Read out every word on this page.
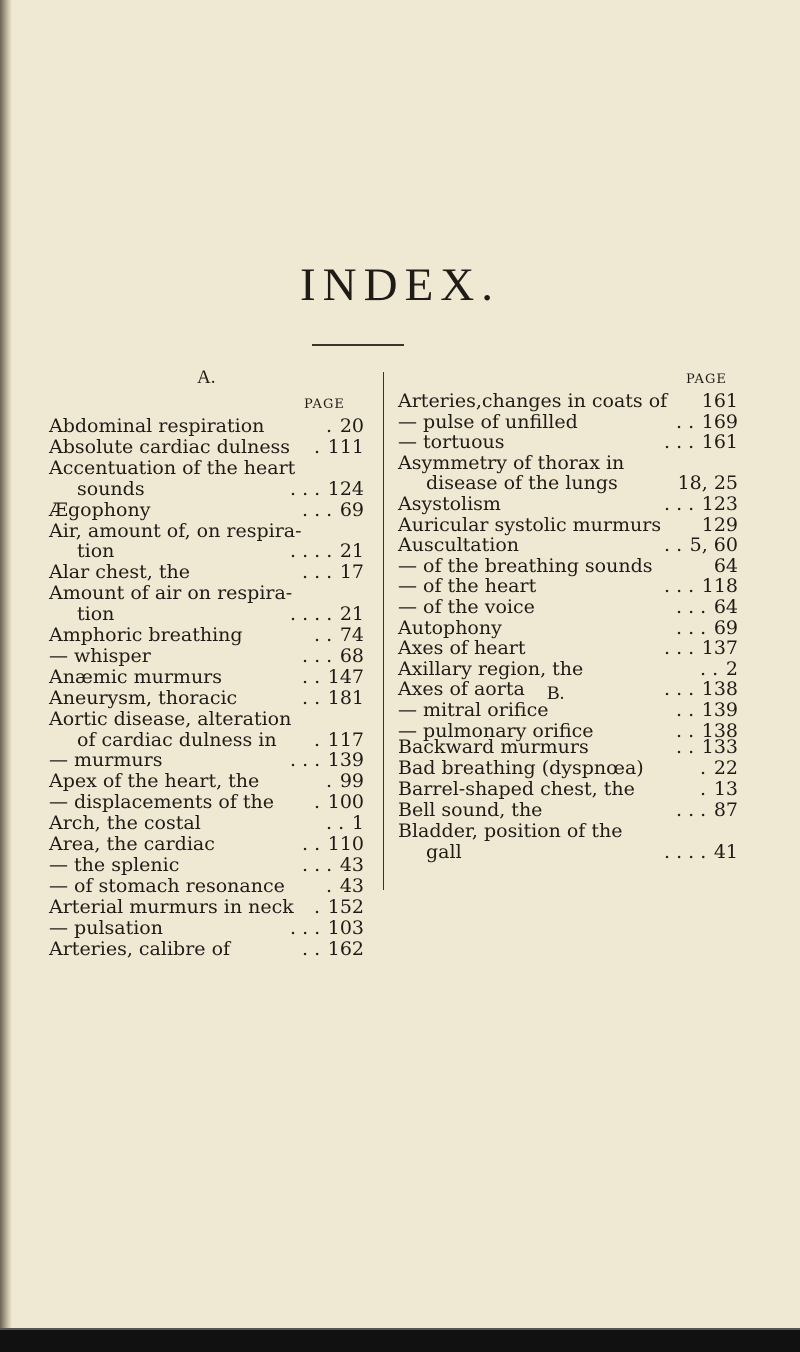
INDEX.
A.
PAGE
Abdominal respiration	. 20
Absolute cardiac dulness . 111
Accentuation of the heart
sounds	. . . 124
Ægophony	. . . 69
Air, amount of, on respira-
tion	. . . . 21
Alar chest, the	. . . 17
Amount of air on respira-
tion	. . . . 21
Amphoric breathing	. . 74
— whisper	. . . 68
Anæmic murmurs	. . 147
Aneurysm, thoracic	. . 181
Aortic disease, alteration
of cardiac dulness in . 117
— murmurs	. . . 139
Apex of the heart, the	. 99
— displacements of the . 100
Arch, the costal	. . 1
Area, the cardiac	. . 110
— the splenic	. . . 43
— of stomach resonance . 43
Arterial murmurs in neck . 152
— pulsation	. . . 103
Arteries, calibre of	. . 162
PAGE
Arteries,changes in coats of 161
— pulse of unfilled	. . 169
— tortuous	. . . 161
Asymmetry of thorax in
disease of the lungs	18, 25
Asystolism	. . . 123
Auricular systolic murmurs 129
Auscultation	. . 5, 60
— of the breathing sounds	64
— of the heart	. . . 118
— of the voice	. . . 64
Autophony	. . . 69
Axes of heart	. . . 137
Axillary region, the	. . 2
Axes of aorta	. . . 138
— mitral orifice	. . 139
— pulmonary orifice	. . 138
B.
Backward murmurs	. . 133
Bad breathing (dyspnœa)	. 22
Barrel-shaped chest, the	. 13
Bell sound, the	. . . 87
Bladder, position of the
gall	. . . . 41
